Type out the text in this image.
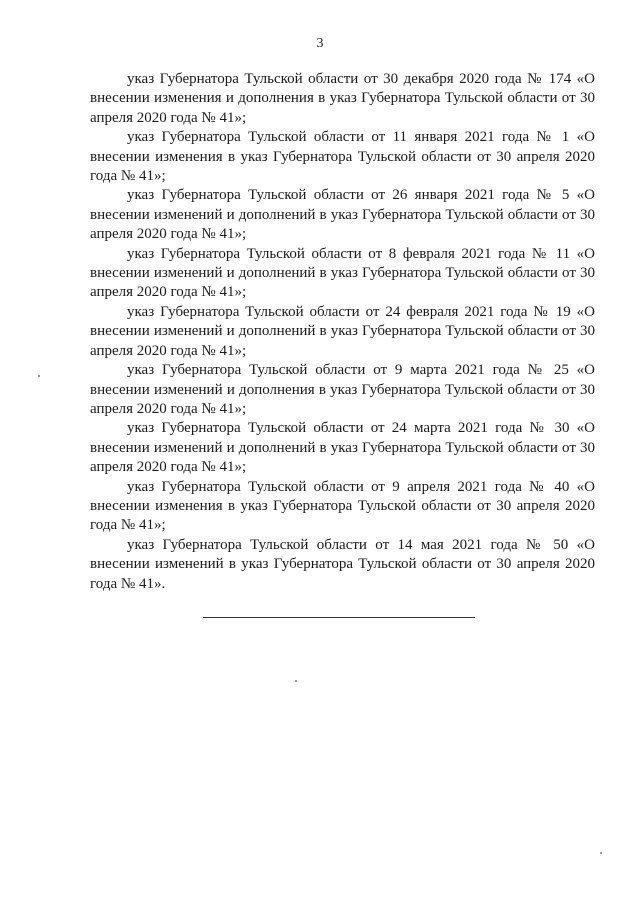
3

указ Губернатора Тульской области от 30 декабря 2020 года № 174 «О внесении изменения и дополнения в указ Губернатора Тульской области от 30 апреля 2020 года № 41»;

указ Губернатора Тульской области от 11 января 2021 года № 1 «О внесении изменения в указ Губернатора Тульской области от 30 апреля 2020 года № 41»;

указ Губернатора Тульской области от 26 января 2021 года № 5 «О внесении изменений и дополнений в указ Губернатора Тульской области от 30 апреля 2020 года № 41»;

указ Губернатора Тульской области от 8 февраля 2021 года № 11 «О внесении изменений и дополнений в указ Губернатора Тульской области от 30 апреля 2020 года № 41»;

указ Губернатора Тульской области от 24 февраля 2021 года № 19 «О внесении изменений и дополнений в указ Губернатора Тульской области от 30 апреля 2020 года № 41»;

указ Губернатора Тульской области от 9 марта 2021 года № 25 «О внесении изменений и дополнения в указ Губернатора Тульской области от 30 апреля 2020 года № 41»;

указ Губернатора Тульской области от 24 марта 2021 года № 30 «О внесении изменений и дополнений в указ Губернатора Тульской области от 30 апреля 2020 года № 41»;

указ Губернатора Тульской области от 9 апреля 2021 года № 40 «О внесении изменения в указ Губернатора Тульской области от 30 апреля 2020 года № 41»;

указ Губернатора Тульской области от 14 мая 2021 года № 50 «О внесении изменений в указ Губернатора Тульской области от 30 апреля 2020 года № 41».
